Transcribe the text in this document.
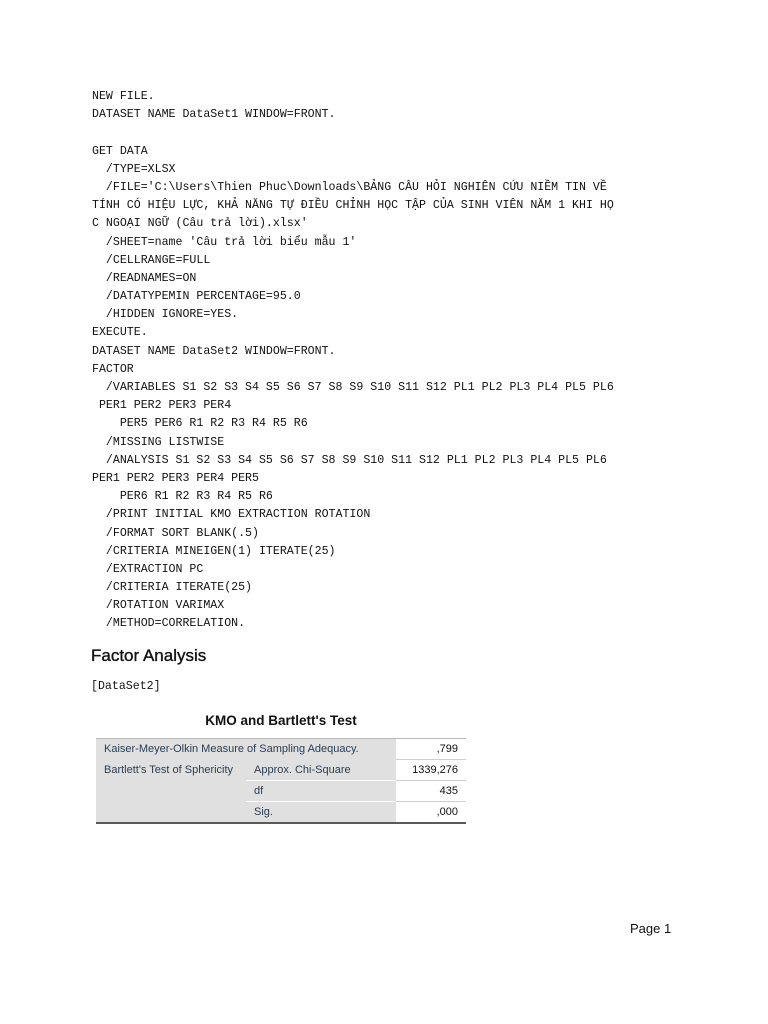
NEW FILE.
DATASET NAME DataSet1 WINDOW=FRONT.
GET DATA
/TYPE=XLSX
/FILE='C:\Users\Thien Phuc\Downloads\BẢNG CÂU HỎI NGHIÊN CỨU NIỀM TIN VỀ
TÍNH CÓ HIỆU LỰC, KHẢ NĂNG TỰ ĐIỀU CHỈNH HỌC TẬP CỦA SINH VIÊN NĂM 1 KHI HỌ
C NGOẠI NGỮ (Câu trả lời).xlsx'
/SHEET=name 'Câu trả lời biểu mẫu 1'
/CELLRANGE=FULL
/READNAMES=ON
/DATATYPEMIN PERCENTAGE=95.0
/HIDDEN IGNORE=YES.
EXECUTE.
DATASET NAME DataSet2 WINDOW=FRONT.
FACTOR
/VARIABLES S1 S2 S3 S4 S5 S6 S7 S8 S9 S10 S11 S12 PL1 PL2 PL3 PL4 PL5 PL6
PER1 PER2 PER3 PER4
PER5 PER6 R1 R2 R3 R4 R5 R6
/MISSING LISTWISE
/ANALYSIS S1 S2 S3 S4 S5 S6 S7 S8 S9 S10 S11 S12 PL1 PL2 PL3 PL4 PL5 PL6
PER1 PER2 PER3 PER4 PER5
PER6 R1 R2 R3 R4 R5 R6
/PRINT INITIAL KMO EXTRACTION ROTATION
/FORMAT SORT BLANK(.5)
/CRITERIA MINEIGEN(1) ITERATE(25)
/EXTRACTION PC
/CRITERIA ITERATE(25)
/ROTATION VARIMAX
/METHOD=CORRELATION.
Factor Analysis
[DataSet2]
KMO and Bartlett's Test
Kaiser-Meyer-Olkin Measure of Sampling Adequacy.		,799
Bartlett's Test of Sphericity	Approx. Chi-Square	1339,276
	df	435
	Sig.	,000
Page 1
